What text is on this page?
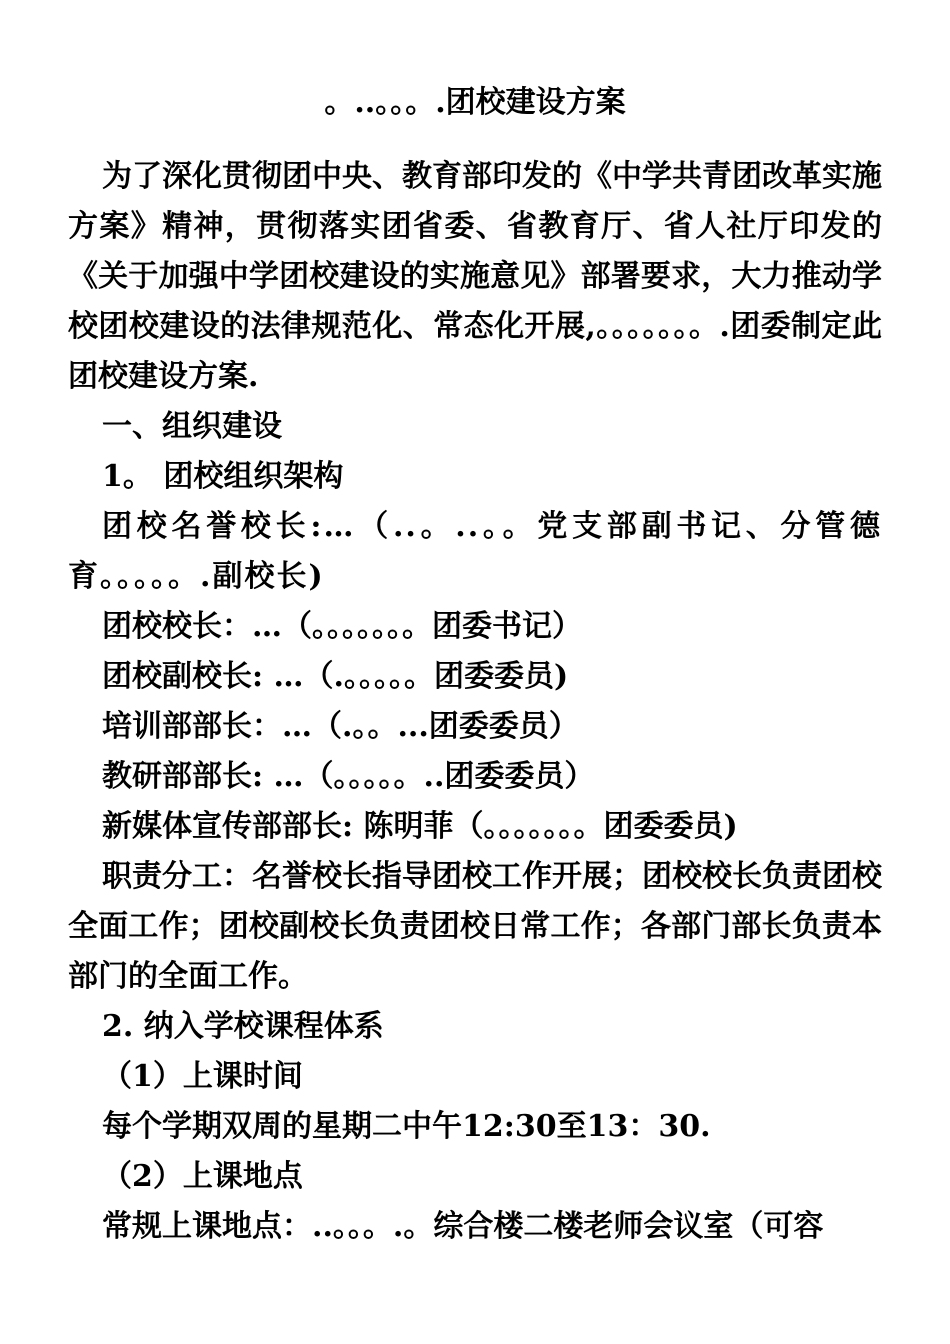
。..。。。.团校建设方案

为了深化贯彻团中央、教育部印发的《中学共青团改革实施方案》精神，贯彻落实团省委、省教育厅、省人社厅印发的《关于加强中学团校建设的实施意见》部署要求，大力推动学校团校建设的法律规范化、常态化开展,。。。。。。。.团委制定此团校建设方案.

一、组织建设

1。 团校组织架构

团校名誉校长:…（..。..。。党支部副书记、分管德育。。。。。.副校长)

团校校长：…（。。。。。。。团委书记）

团校副校长: …（.。。。。。团委委员)

培训部部长：…（.。。...团委委员）

教研部部长: …（。。。。。..团委委员）

新媒体宣传部部长: 陈明菲（。。。。。。。团委委员)

职责分工：名誉校长指导团校工作开展；团校校长负责团校全面工作；团校副校长负责团校日常工作；各部门部长负责本部门的全面工作。

2. 纳入学校课程体系

（1）上课时间

每个学期双周的星期二中午12:30至13：30.

（2）上课地点

常规上课地点：..。。。.。综合楼二楼老师会议室（可容
